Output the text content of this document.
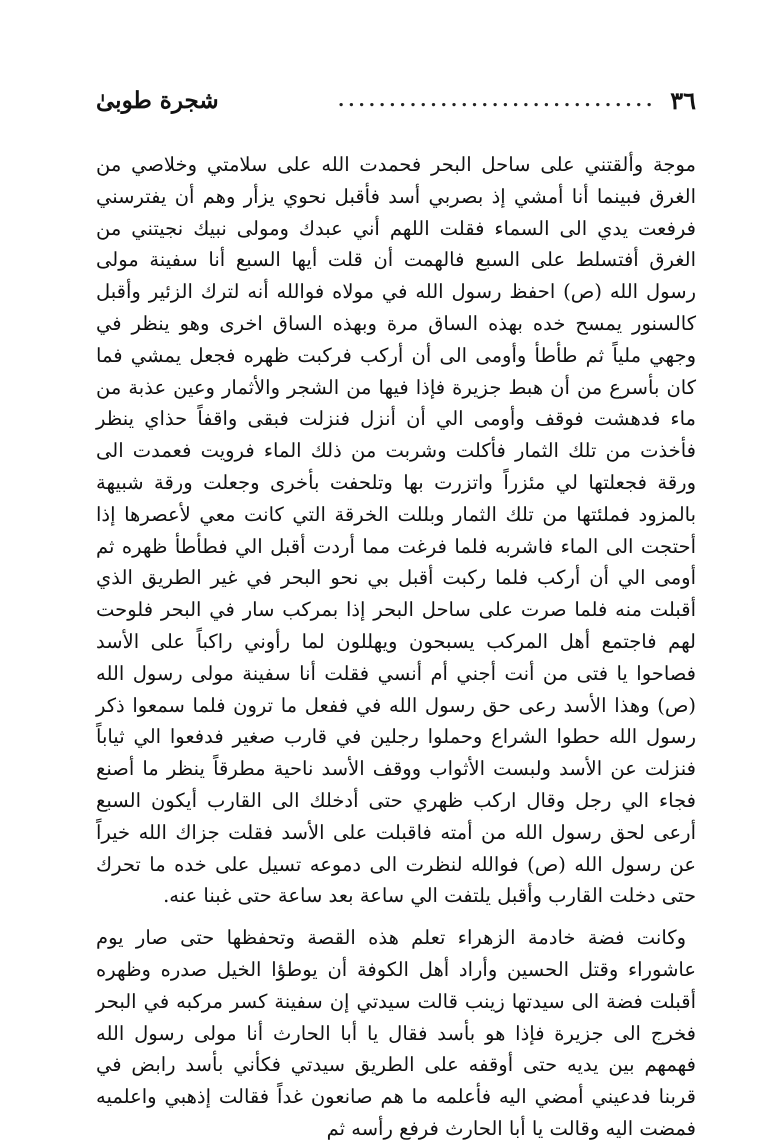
٣٦
...............................
شجرة طوبىٰ

موجة وألقتني على ساحل البحر فحمدت الله على سلامتي وخلاصي من الغرق فبينما أنا أمشي إذ بصربي أسد فأقبل نحوي يزأر وهم أن يفترسني فرفعت يدي الى السماء فقلت اللهم أني عبدك ومولى نبيك نجيتني من الغرق أفتسلط على السبع فالهمت أن قلت أيها السبع أنا سفينة مولى رسول الله (ص) احفظ رسول الله في مولاه فوالله أنه لترك الزئير وأقبل كالسنور يمسح خده بهذه الساق مرة وبهذه الساق اخرى وهو ينظر في وجهي ملياً ثم طأطأ وأومى الى أن أركب فركبت ظهره فجعل يمشي فما كان بأسرع من أن هبط جزيرة فإذا فيها من الشجر والأثمار وعين عذبة من ماء فدهشت فوقف وأومى الي أن أنزل فنزلت فبقى واقفاً حذاي ينظر فأخذت من تلك الثمار فأكلت وشربت من ذلك الماء فرويت فعمدت الى ورقة فجعلتها لي مئزراً واتزرت بها وتلحفت بأخرى وجعلت ورقة شبيهة بالمزود فملئتها من تلك الثمار وبللت الخرقة التي كانت معي لأعصرها إذا أحتجت الى الماء فاشربه فلما فرغت مما أردت أقبل الي فطأطأ ظهره ثم أومى الي أن أركب فلما ركبت أقبل بي نحو البحر في غير الطريق الذي أقبلت منه فلما صرت على ساحل البحر إذا بمركب سار في البحر فلوحت لهم فاجتمع أهل المركب يسبحون ويهللون لما رأوني راكباً على الأسد فصاحوا يا فتى من أنت أجني أم أنسي فقلت أنا سفينة مولى رسول الله (ص) وهذا الأسد رعى حق رسول الله في ففعل ما ترون فلما سمعوا ذكر رسول الله حطوا الشراع وحملوا رجلين في قارب صغير فدفعوا الي ثياباً فنزلت عن الأسد ولبست الأثواب ووقف الأسد ناحية مطرقاً ينظر ما أصنع فجاء الي رجل وقال اركب ظهري حتى أدخلك الى القارب أيكون السبع أرعى لحق رسول الله من أمته فاقبلت على الأسد فقلت جزاك الله خيراً عن رسول الله (ص) فوالله لنظرت الى دموعه تسيل على خده ما تحرك حتى دخلت القارب وأقبل يلتفت الي ساعة بعد ساعة حتى غبنا عنه.

وكانت فضة خادمة الزهراء تعلم هذه القصة وتحفظها حتى صار يوم عاشوراء وقتل الحسين وأراد أهل الكوفة أن يوطؤا الخيل صدره وظهره أقبلت فضة الى سيدتها زينب قالت سيدتي إن سفينة كسر مركبه في البحر فخرج الى جزيرة فإذا هو بأسد فقال يا أبا الحارث أنا مولى رسول الله فهمهم بين يديه حتى أوقفه على الطريق سيدتي فكأني بأسد رابض في قربنا فدعيني أمضي اليه فأعلمه ما هم صانعون غداً فقالت إذهبي واعلميه فمضت اليه وقالت يا أبا الحارث فرفع رأسه ثم
